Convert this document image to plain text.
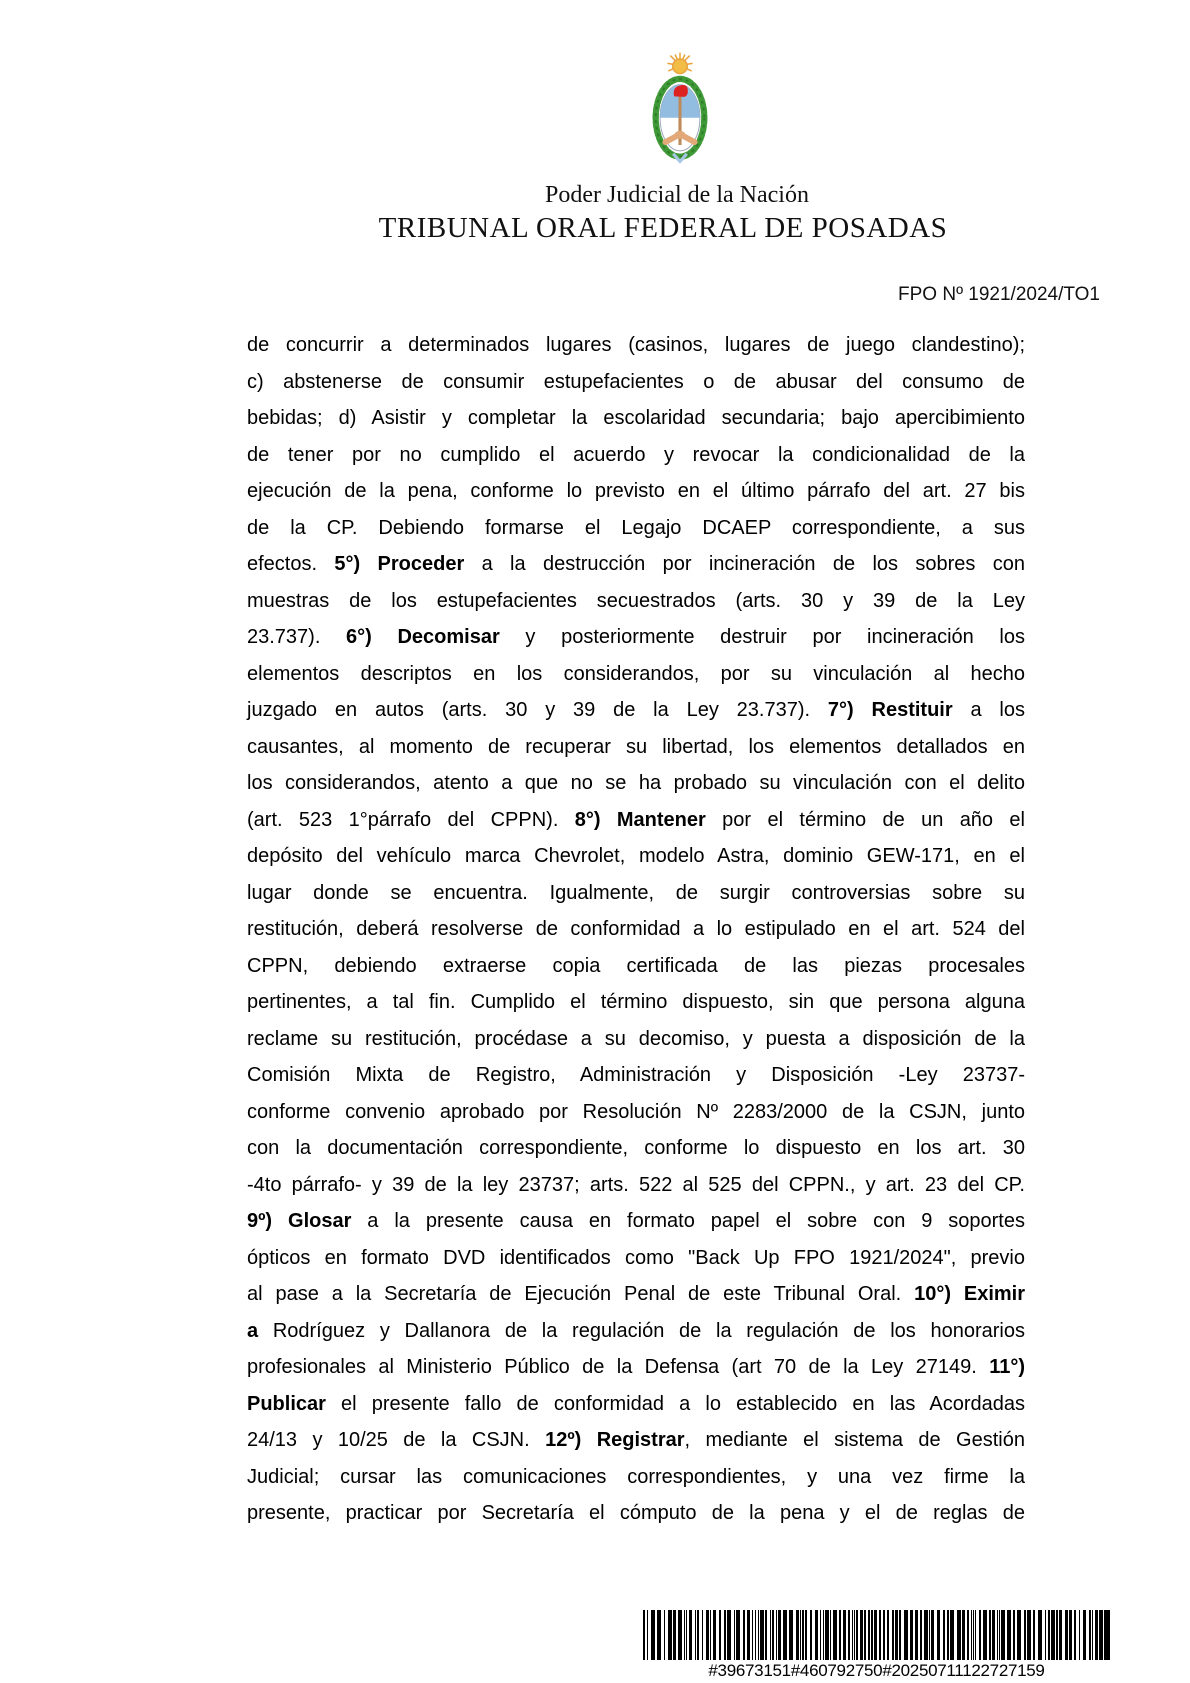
Poder Judicial de la Nación
TRIBUNAL ORAL FEDERAL DE POSADAS
FPO Nº 1921/2024/TO1
de concurrir a determinados lugares (casinos, lugares de juego clandestino);
c) abstenerse de consumir estupefacientes o de abusar del consumo de
bebidas; d) Asistir y completar la escolaridad secundaria; bajo apercibimiento
de tener por no cumplido el acuerdo y revocar la condicionalidad de la
ejecución de la pena, conforme lo previsto en el último párrafo del art. 27 bis
de la CP. Debiendo formarse el Legajo DCAEP correspondiente, a sus
efectos. 5°) Proceder a la destrucción por incineración de los sobres con
muestras de los estupefacientes secuestrados (arts. 30 y 39 de la Ley
23.737). 6°) Decomisar y posteriormente destruir por incineración los
elementos descriptos en los considerandos, por su vinculación al hecho
juzgado en autos (arts. 30 y 39 de la Ley 23.737). 7°) Restituir a los
causantes, al momento de recuperar su libertad, los elementos detallados en
los considerandos, atento a que no se ha probado su vinculación con el delito
(art. 523 1°párrafo del CPPN). 8°) Mantener por el término de un año el
depósito del vehículo marca Chevrolet, modelo Astra, dominio GEW-171, en el
lugar donde se encuentra. Igualmente, de surgir controversias sobre su
restitución, deberá resolverse de conformidad a lo estipulado en el art. 524 del
CPPN, debiendo extraerse copia certificada de las piezas procesales
pertinentes, a tal fin. Cumplido el término dispuesto, sin que persona alguna
reclame su restitución, procédase a su decomiso, y puesta a disposición de la
Comisión Mixta de Registro, Administración y Disposición -Ley 23737-
conforme convenio aprobado por Resolución Nº 2283/2000 de la CSJN, junto
con la documentación correspondiente, conforme lo dispuesto en los art. 30
-4to párrafo- y 39 de la ley 23737; arts. 522 al 525 del CPPN., y art. 23 del CP.
9º) Glosar a la presente causa en formato papel el sobre con 9 soportes
ópticos en formato DVD identificados como "Back Up FPO 1921/2024", previo
al pase a la Secretaría de Ejecución Penal de este Tribunal Oral. 10°) Eximir
a Rodríguez y Dallanora de la regulación de la regulación de los honorarios
profesionales al Ministerio Público de la Defensa (art 70 de la Ley 27149. 11°)
Publicar el presente fallo de conformidad a lo establecido en las Acordadas
24/13 y 10/25 de la CSJN. 12º) Registrar, mediante el sistema de Gestión
Judicial; cursar las comunicaciones correspondientes, y una vez firme la
presente, practicar por Secretaría el cómputo de la pena y el de reglas de
#39673151#460792750#20250711122727159
